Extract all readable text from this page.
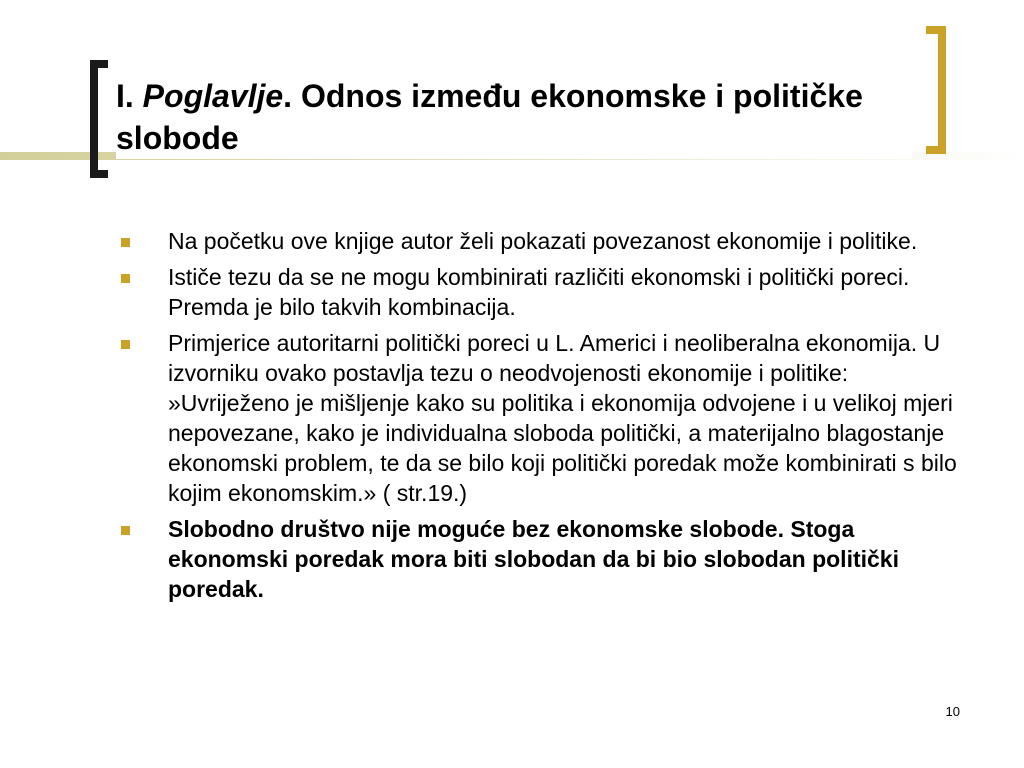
I. Poglavlje. Odnos između ekonomske i političke slobode
Na početku ove knjige autor želi pokazati povezanost ekonomije i politike.
Ističe tezu da se ne mogu kombinirati različiti ekonomski i politički poreci. Premda je bilo takvih kombinacija.
Primjerice autoritarni politički poreci u L. Americi i neoliberalna ekonomija. U izvorniku ovako postavlja tezu o neodvojenosti ekonomije i politike: »Uvriježeno je mišljenje kako su politika i ekonomija odvojene i u velikoj mjeri nepovezane, kako je individualna sloboda politički, a materijalno blagostanje ekonomski problem, te da se bilo koji politički poredak može kombinirati s bilo kojim ekonomskim.» ( str.19.)
Slobodno društvo nije moguće bez ekonomske slobode. Stoga ekonomski poredak mora biti slobodan da bi bio slobodan politički poredak.
10
